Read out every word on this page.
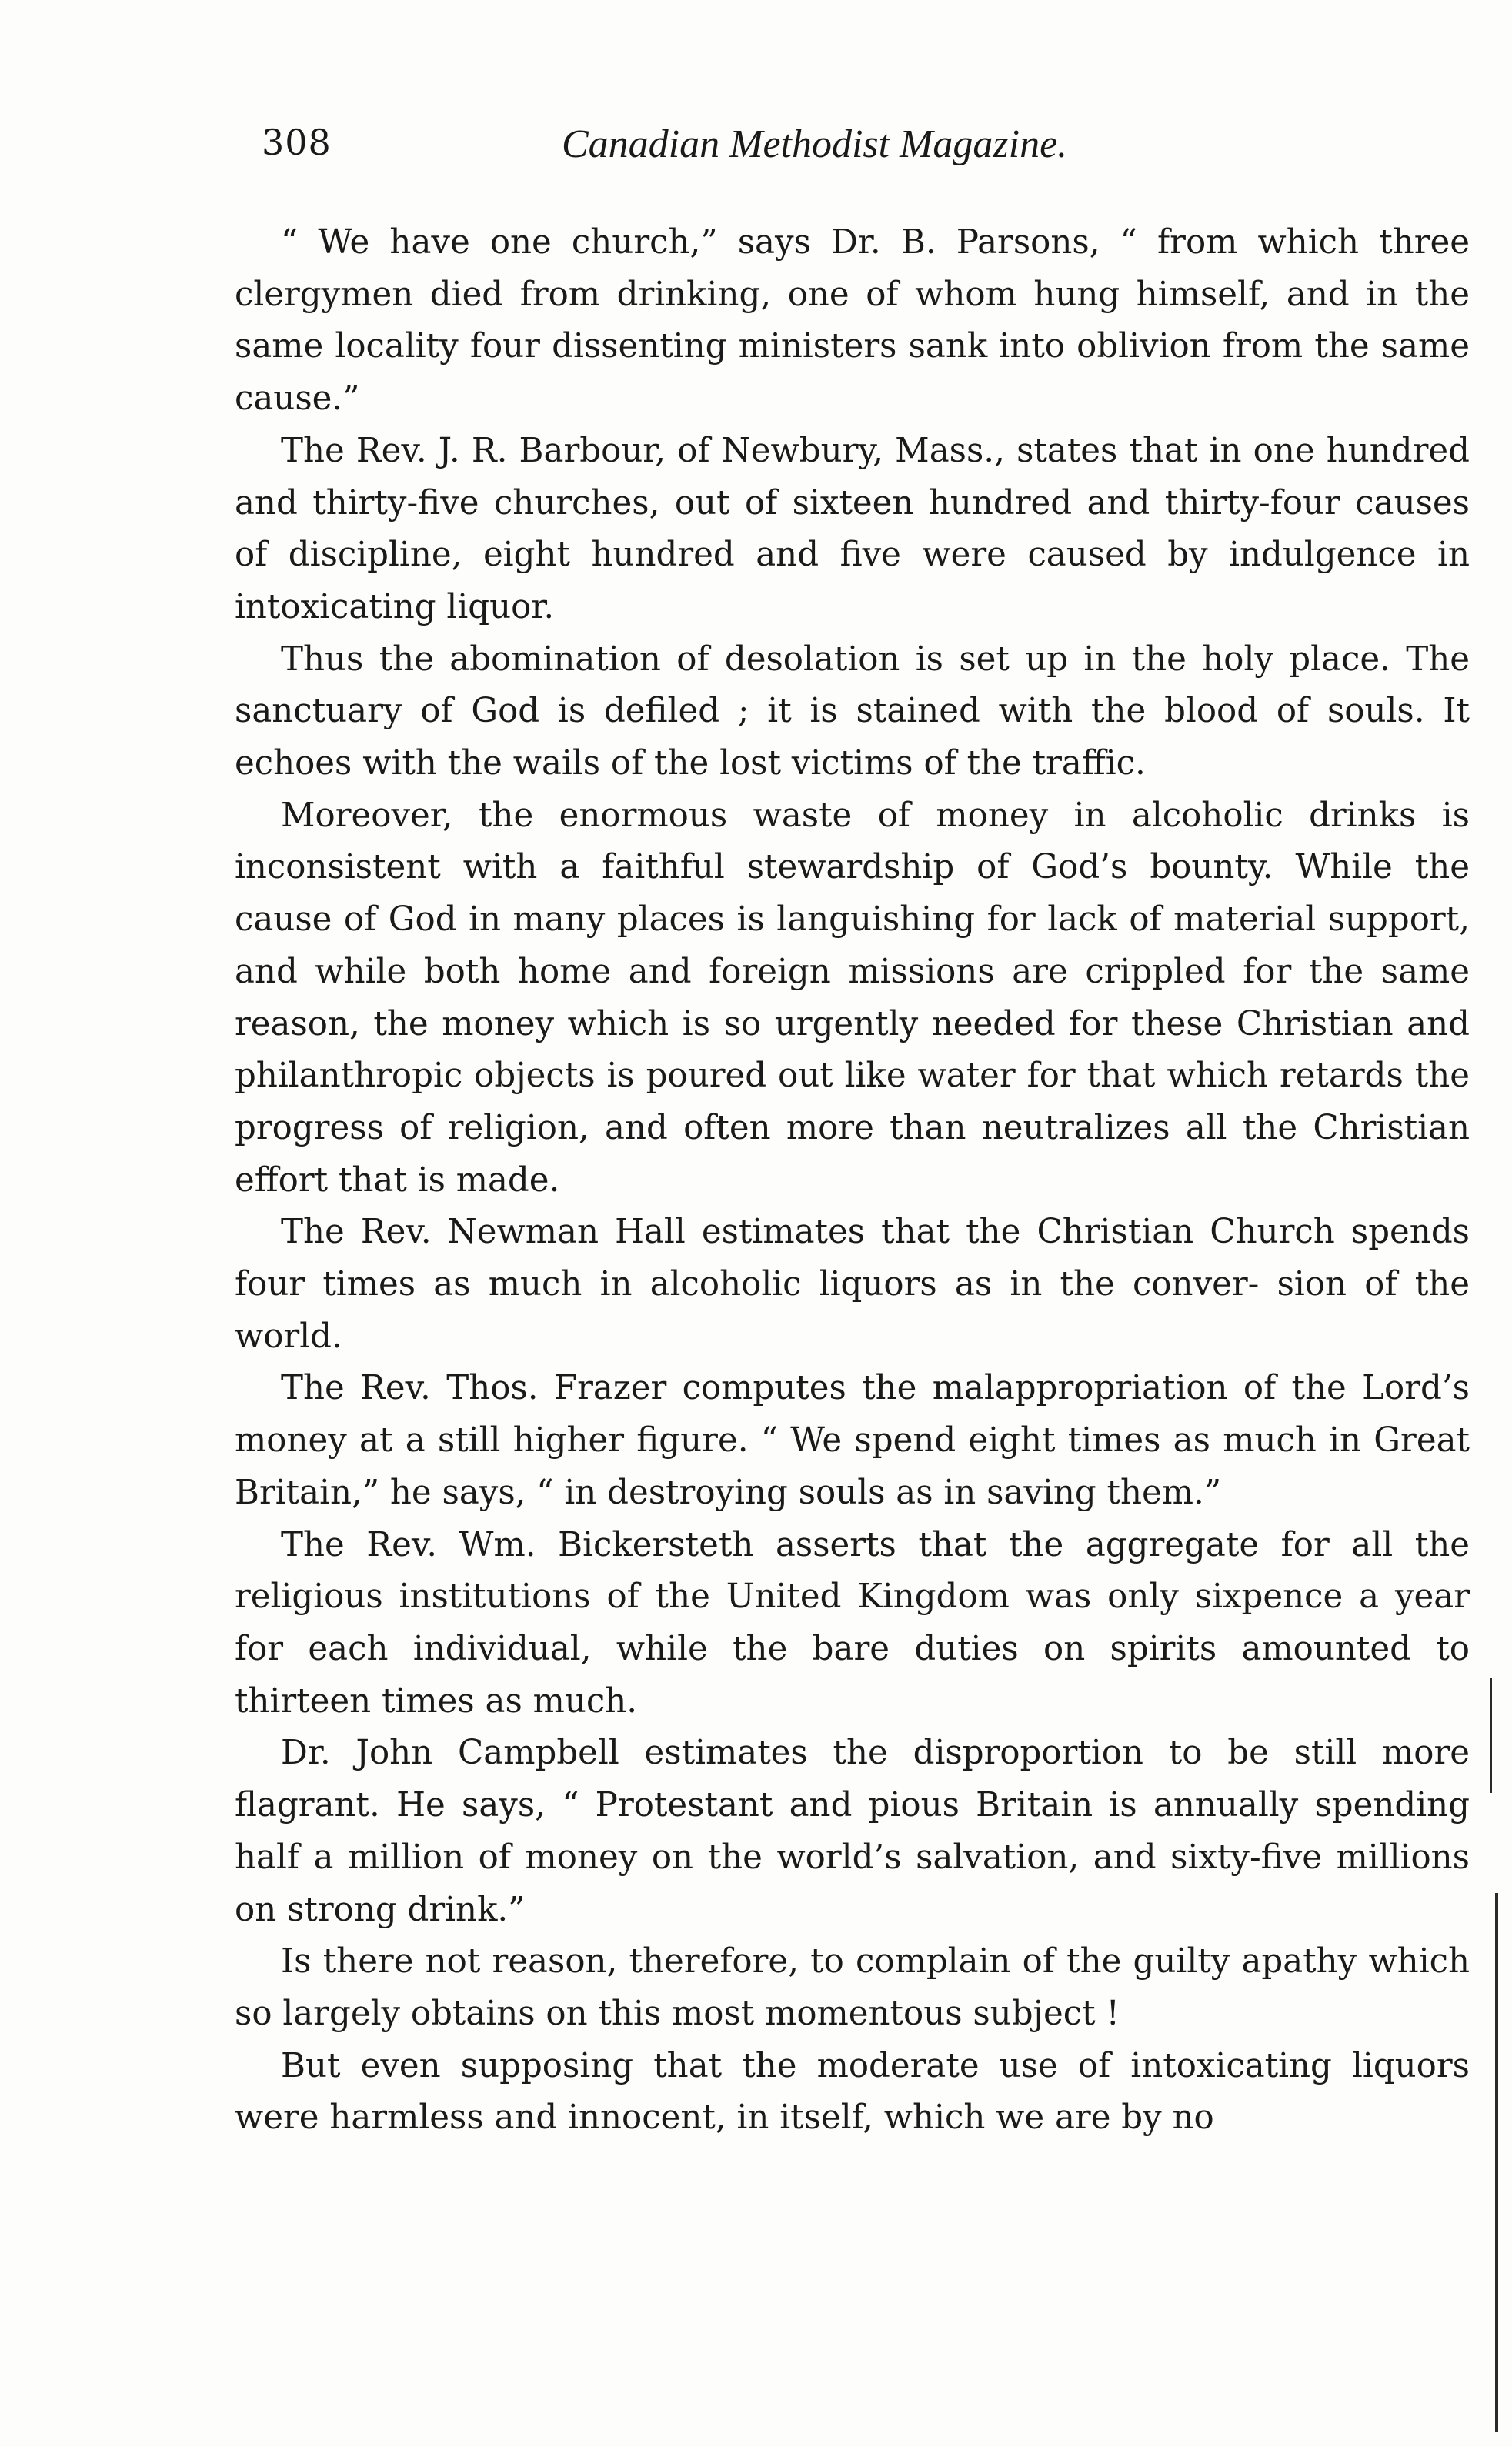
308	Canadian Methodist Magazine.

“ We have one church,” says Dr. B. Parsons, “ from which three clergymen died from drinking, one of whom hung himself, and in the same locality four dissenting ministers sank into oblivion from the same cause.”

The Rev. J. R. Barbour, of Newbury, Mass., states that in one hundred and thirty-five churches, out of sixteen hundred and thirty-four causes of discipline, eight hundred and five were caused by indulgence in intoxicating liquor.

Thus the abomination of desolation is set up in the holy place. The sanctuary of God is defiled ; it is stained with the blood of souls. It echoes with the wails of the lost victims of the traffic.

Moreover, the enormous waste of money in alcoholic drinks is inconsistent with a faithful stewardship of God’s bounty. While the cause of God in many places is languishing for lack of material support, and while both home and foreign missions are crippled for the same reason, the money which is so urgently needed for these Christian and philanthropic objects is poured out like water for that which retards the progress of religion, and often more than neutralizes all the Christian effort that is made.

The Rev. Newman Hall estimates that the Christian Church spends four times as much in alcoholic liquors as in the conver- sion of the world.

The Rev. Thos. Frazer computes the malappropriation of the Lord’s money at a still higher figure. “ We spend eight times as much in Great Britain,” he says, “ in destroying souls as in saving them.”

The Rev. Wm. Bickersteth asserts that the aggregate for all the religious institutions of the United Kingdom was only sixpence a year for each individual, while the bare duties on spirits amounted to thirteen times as much.

Dr. John Campbell estimates the disproportion to be still more flagrant. He says, “ Protestant and pious Britain is annually spending half a million of money on the world’s salvation, and sixty-five millions on strong drink.”

Is there not reason, therefore, to complain of the guilty apathy which so largely obtains on this most momentous subject !

But even supposing that the moderate use of intoxicating liquors were harmless and innocent, in itself, which we are by no
